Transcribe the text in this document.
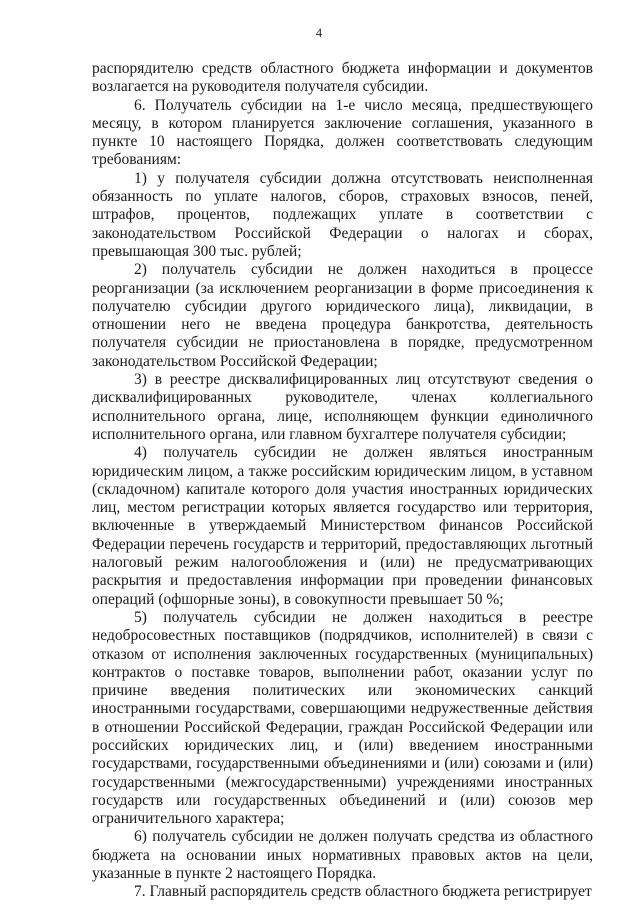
4

распорядителю средств областного бюджета информации и документов возлагается на руководителя получателя субсидии.

6. Получатель субсидии на 1-е число месяца, предшествующего месяцу, в котором планируется заключение соглашения, указанного в пункте 10 настоящего Порядка, должен соответствовать следующим требованиям:

1) у получателя субсидии должна отсутствовать неисполненная обязанность по уплате налогов, сборов, страховых взносов, пеней, штрафов, процентов, подлежащих уплате в соответствии с законодательством Российской Федерации о налогах и сборах, превышающая 300 тыс. рублей;

2) получатель субсидии не должен находиться в процессе реорганизации (за исключением реорганизации в форме присоединения к получателю субсидии другого юридического лица), ликвидации, в отношении него не введена процедура банкротства, деятельность получателя субсидии не приостановлена в порядке, предусмотренном законодательством Российской Федерации;

3) в реестре дисквалифицированных лиц отсутствуют сведения о дисквалифицированных руководителе, членах коллегиального исполнительного органа, лице, исполняющем функции единоличного исполнительного органа, или главном бухгалтере получателя субсидии;

4) получатель субсидии не должен являться иностранным юридическим лицом, а также российским юридическим лицом, в уставном (складочном) капитале которого доля участия иностранных юридических лиц, местом регистрации которых является государство или территория, включенные в утверждаемый Министерством финансов Российской Федерации перечень государств и территорий, предоставляющих льготный налоговый режим налогообложения и (или) не предусматривающих раскрытия и предоставления информации при проведении финансовых операций (офшорные зоны), в совокупности превышает 50 %;

5) получатель субсидии не должен находиться в реестре недобросовестных поставщиков (подрядчиков, исполнителей) в связи с отказом от исполнения заключенных государственных (муниципальных) контрактов о поставке товаров, выполнении работ, оказании услуг по причине введения политических или экономических санкций иностранными государствами, совершающими недружественные действия в отношении Российской Федерации, граждан Российской Федерации или российских юридических лиц, и (или) введением иностранными государствами, государственными объединениями и (или) союзами и (или) государственными (межгосударственными) учреждениями иностранных государств или государственных объединений и (или) союзов мер ограничительного характера;

6) получатель субсидии не должен получать средства из областного бюджета на основании иных нормативных правовых актов на цели, указанные в пункте 2 настоящего Порядка.

7. Главный распорядитель средств областного бюджета регистрирует
